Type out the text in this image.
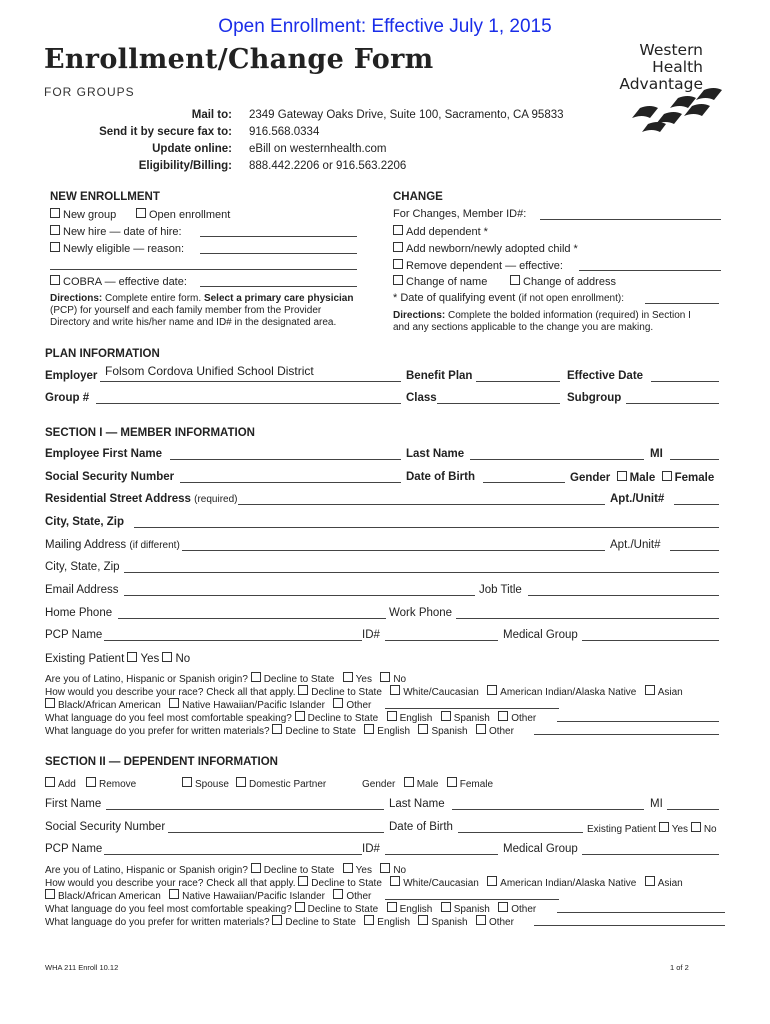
Open Enrollment: Effective July 1, 2015
Enrollment/Change Form
FOR GROUPS
Western
Health
Advantage
Mail to: 2349 Gateway Oaks Drive, Suite 100, Sacramento, CA 95833
Send it by secure fax to: 916.568.0334
Update online: eBill on westernhealth.com
Eligibility/Billing: 888.442.2206 or 916.563.2206
NEW ENROLLMENT
New group	Open enrollment
New hire — date of hire:
Newly eligible — reason:
COBRA — effective date:
Directions: Complete entire form. Select a primary care physician
(PCP) for yourself and each family member from the Provider
Directory and write his/her name and ID# in the designated area.
CHANGE
For Changes, Member ID#:
Add dependent *
Add newborn/newly adopted child *
Remove dependent — effective:
Change of name	Change of address
* Date of qualifying event (if not open enrollment):
Directions: Complete the bolded information (required) in Section I
and any sections applicable to the change you are making.
PLAN INFORMATION
Employer Folsom Cordova Unified School District	Benefit Plan	Effective Date
Group #	Class	Subgroup
SECTION I — MEMBER INFORMATION
Employee First Name	Last Name	MI
Social Security Number	Date of Birth	Gender Male Female
Residential Street Address (required)	Apt./Unit#
City, State, Zip
Mailing Address (if different)	Apt./Unit#
City, State, Zip
Email Address	Job Title
Home Phone	Work Phone
PCP Name	ID#	Medical Group
Existing Patient Yes No
Are you of Latino, Hispanic or Spanish origin? Decline to State Yes No
How would you describe your race? Check all that apply. Decline to State White/Caucasian American Indian/Alaska Native Asian
Black/African American Native Hawaiian/Pacific Islander Other
What language do you feel most comfortable speaking? Decline to State English Spanish Other
What language do you prefer for written materials? Decline to State English Spanish Other
SECTION II — DEPENDENT INFORMATION
Add	Remove	Spouse	Domestic Partner	Gender Male Female
First Name	Last Name	MI
Social Security Number	Date of Birth	Existing Patient Yes No
PCP Name	ID#	Medical Group
Are you of Latino, Hispanic or Spanish origin? Decline to State Yes No
How would you describe your race? Check all that apply. Decline to State White/Caucasian American Indian/Alaska Native Asian
Black/African American Native Hawaiian/Pacific Islander Other
What language do you feel most comfortable speaking? Decline to State English Spanish Other
What language do you prefer for written materials? Decline to State English Spanish Other
WHA 211 Enroll 10.12	1 of 2
